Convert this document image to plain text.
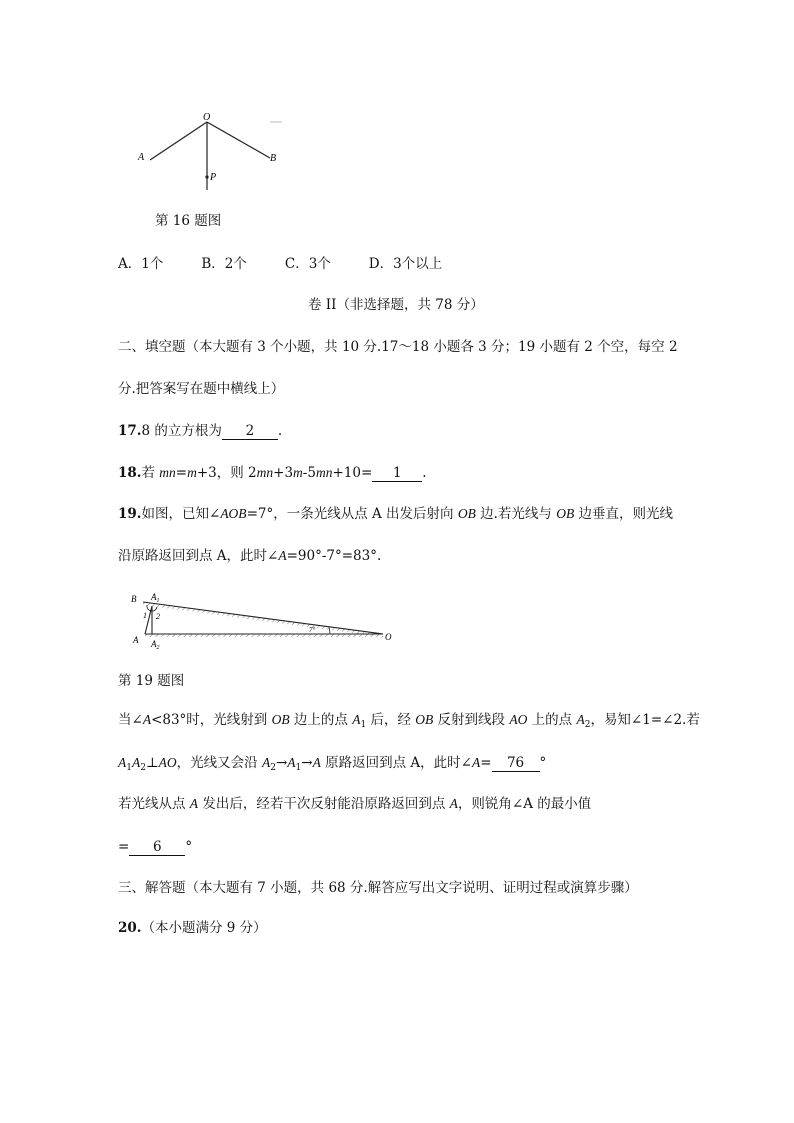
O
A	B
P
第 16 题图
A．1个	B．2个	C．3个	D．3个以上
卷 II（非选择题，共 78 分）
二、填空题（本大题有 3 个小题，共 10 分.17～18 小题各 3 分；19 小题有 2 个空，每空 2
分.把答案写在题中横线上）
17.8 的立方根为 2 .
18.若 mn=m+3，则 2mn+3m-5mn+10= 1 .
19.如图，已知∠AOB=7°，一条光线从点 A 出发后射向 OB 边.若光线与 OB 边垂直，则光线
沿原路返回到点 A，此时∠A=90°-7°=83°.
B $A_1$
1 2
A $A_2$
7°
O
第 19 题图
当∠A<83°时，光线射到 OB 边上的点 $A_1$ 后，经 OB 反射到线段 AO 上的点 $A_2$，易知∠1=∠2.若
$A_1A_2\perp AO$，光线又会沿 $A_2\to A_1\to A$ 原路返回到点 A，此时∠A= 76 °
若光线从点 A 发出后，经若干次反射能沿原路返回到点 A，则锐角∠A 的最小值
= 6 °
三、解答题（本大题有 7 小题，共 68 分.解答应写出文字说明、证明过程或演算步骤）
20.（本小题满分 9 分）
